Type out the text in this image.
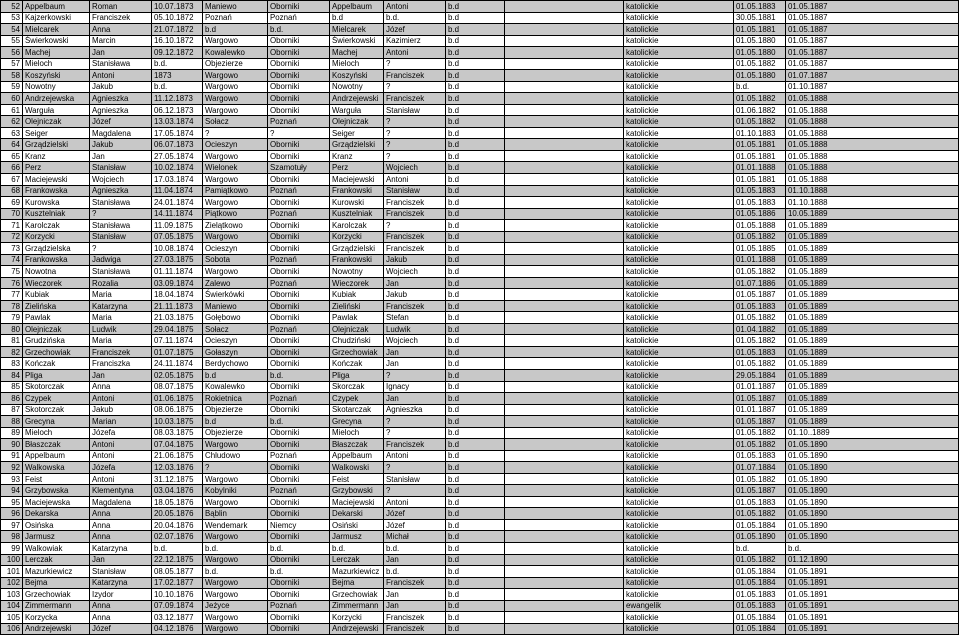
52	Appelbaum	Roman	10.07.1873	Maniewo	Oborniki	Appelbaum	Antoni	b.d		katolickie	01.05.1883	01.05.1887
53	Kajzerkowski	Franciszek	05.10.1872	Poznań	Poznań	b.d	b.d.	b.d		katolickie	30.05.1881	01.05.1887
54	Mielcarek	Anna	21.07.1872	b.d	b.d.	Mielcarek	Józef	b.d		katolickie	01.05.1881	01.05.1887
55	Świerkowski	Marcin	16.10.1872	Wargowo	Oborniki	Świerkowski	Kazimierz	b.d		katolickie	01.05.1880	01.05.1887
56	Machej	Jan	09.12.1872	Kowalewko	Oborniki	Machej	Antoni	b.d		katolickie	01.05.1880	01.05.1887
57	Mieloch	Stanisława	b.d.	Objezierze	Oborniki	Mieloch	?	b.d		katolickie	01.05.1882	01.05.1887
58	Koszyński	Antoni	1873	Wargowo	Oborniki	Koszyński	Franciszek	b.d		katolickie	01.05.1880	01.07.1887
59	Nowotny	Jakub	b.d.	Wargowo	Oborniki	Nowotny	?	b.d		katolickie	b.d.	01.10.1887
60	Andrzejewska	Agnieszka	11.12.1873	Wargowo	Oborniki	Andrzejewski	Franciszek	b.d		katolickie	01.05.1882	01.05.1888
61	Warguła	Agnieszka	06.12.1873	Wargowo	Oborniki	Warguła	Stanisław	b.d		katolickie	01.06.1882	01.05.1888
62	Olejniczak	Józef	13.03.1874	Sołacz	Poznań	Olejniczak	?	b.d		katolickie	01.05.1882	01.05.1888
63	Seiger	Magdalena	17.05.1874	?	?	Seiger	?	b.d		katolickie	01.10.1883	01.05.1888
64	Grządzielski	Jakub	06.07.1873	Ocieszyn	Oborniki	Grządzielski	?	b.d		katolickie	01.05.1881	01.05.1888
65	Kranz	Jan	27.05.1874	Wargowo	Oborniki	Kranz	?	b.d		katolickie	01.05.1881	01.05.1888
66	Perz	Stanisław	10.02.1874	Wielonek	Szamotuły	Perz	Wojciech	b.d		katolickie	01.01.1888	01.05.1888
67	Maciejewski	Wojciech	17.03.1874	Wargowo	Oborniki	Maciejewski	Antoni	b.d		katolickie	01.05.1881	01.05.1888
68	Frankowska	Agnieszka	11.04.1874	Pamiątkowo	Poznań	Frankowski	Stanisław	b.d		katolickie	01.05.1883	01.10.1888
69	Kurowska	Stanisława	24.01.1874	Wargowo	Oborniki	Kurowski	Franciszek	b.d		katolickie	01.05.1883	01.10.1888
70	Kusztelniak	?	14.11.1874	Piątkowo	Poznań	Kusztelniak	Franciszek	b.d		katolickie	01.05.1886	10.05.1889
71	Karolczak	Stanisława	11.09.1875	Zielątkowo	Oborniki	Karolczak	?	b.d		katolickie	01.05.1888	01.05.1889
72	Korzycki	Stanisław	07.05.1875	Wargowo	Oborniki	Korzycki	Franciszek	b.d		katolickie	01.05.1882	01.05.1889
73	Grządzielska	?	10.08.1874	Ocieszyn	Oborniki	Grządzielski	Franciszek	b.d		katolickie	01.05.1885	01.05.1889
74	Frankowska	Jadwiga	27.03.1875	Sobota	Poznań	Frankowski	Jakub	b.d		katolickie	01.01.1888	01.05.1889
75	Nowotna	Stanisława	01.11.1874	Wargowo	Oborniki	Nowotny	Wojciech	b.d		katolickie	01.05.1882	01.05.1889
76	Wieczorek	Rozalia	03.09.1874	Zalewo	Poznań	Wieczorek	Jan	b.d		katolickie	01.07.1886	01.05.1889
77	Kubiak	Maria	18.04.1874	Świerkówki	Oborniki	Kubiak	Jakub	b.d		katolickie	01.05.1887	01.05.1889
78	Zielińska	Katarzyna	21.11.1873	Maniewo	Oborniki	Zieliński	Franciszek	b.d		katolickie	01.05.1883	01.05.1889
79	Pawlak	Maria	21.03.1875	Gołębowo	Oborniki	Pawlak	Stefan	b.d		katolickie	01.05.1882	01.05.1889
80	Olejniczak	Ludwik	29.04.1875	Sołacz	Poznań	Olejniczak	Ludwik	b.d		katolickie	01.04.1882	01.05.1889
81	Grudzińska	Maria	07.11.1874	Ocieszyn	Oborniki	Chudziński	Wojciech	b.d		katolickie	01.05.1882	01.05.1889
82	Grzechowiak	Franciszek	01.07.1875	Gołaszyn	Oborniki	Grzechowiak	Jan	b.d		katolickie	01.05.1883	01.05.1889
83	Kończak	Franciszka	24.11.1874	Berdychowo	Oborniki	Kończak	Jan	b.d		katolickie	01.05.1882	01.05.1889
84	Pliga	Jan	02.05.1875	b.d	b.d.	Pliga	?	b.d		katolickie	29.05.1884	01.05.1889
85	Skotorczak	Anna	08.07.1875	Kowalewko	Oborniki	Skorczak	Ignacy	b.d		katolickie	01.01.1887	01.05.1889
86	Czypek	Antoni	01.06.1875	Rokietnica	Poznań	Czypek	Jan	b.d		katolickie	01.05.1887	01.05.1889
87	Skotorczak	Jakub	08.06.1875	Objezierze	Oborniki	Skotarczak	Agnieszka	b.d		katolickie	01.01.1887	01.05.1889
88	Grecyna	Marian	10.03.1875	b.d	b.d.	Grecyna	?	b.d		katolickie	01.05.1887	01.05.1889
89	Mieloch	Józefa	08.03.1875	Objezierze	Oborniki	Mieloch	?	b.d		katolickie	01.05.1882	01.10..1889
90	Błaszczak	Antoni	07.04.1875	Wargowo	Oborniki	Błaszczak	Franciszek	b.d		katolickie	01.05.1882	01.05.1890
91	Appelbaum	Antoni	21.06.1875	Chludowo	Poznań	Appelbaum	Antoni	b.d		katolickie	01.05.1883	01.05.1890
92	Walkowska	Józefa	12.03.1876	?	Oborniki	Walkowski	?	b.d		katolickie	01.07.1884	01.05.1890
93	Feist	Antoni	31.12.1875	Wargowo	Oborniki	Feist	Stanisław	b.d		katolickie	01.05.1882	01.05.1890
94	Grzybowska	Klementyna	03.04.1876	Kobylniki	Poznań	Grzybowski	?	b.d		katolickie	01.05.1887	01.05.1890
95	Maciejewska	Magdalena	18.05.1876	Wargowo	Oborniki	Maciejewski	Antoni	b.d		katolickie	01.05.1883	01.05.1890
96	Dekarska	Anna	20.05.1876	Bąblin	Oborniki	Dekarski	Józef	b.d		katolickie	01.05.1882	01.05.1890
97	Osińska	Anna	20.04.1876	Wendemark	Niemcy	Osiński	Józef	b.d		katolickie	01.05.1884	01.05.1890
98	Jarmusz	Anna	02.07.1876	Wargowo	Oborniki	Jarmusz	Michał	b.d		katolickie	01.05.1890	01.05.1890
99	Walkowiak	Katarzyna	b.d.	b.d.	b.d.	b.d.	b.d.	b.d		katolickie	b.d.	b.d.
100	Lerczak	Jan	22.12.1875	Wargowo	Oborniki	Lerczak	Jan	b.d		katolickie	01.05.1882	01.12.1890
101	Mazurkiewicz	Stanisław	08.05.1877	b.d.	b.d.	Mazurkiewicz	b.d.	b.d		katolickie	01.05.1884	01.05.1891
102	Bejma	Katarzyna	17.02.1877	Wargowo	Oborniki	Bejma	Franciszek	b.d		katolickie	01.05.1884	01.05.1891
103	Grzechowiak	Izydor	10.10.1876	Wargowo	Oborniki	Grzechowiak	Jan	b.d		katolickie	01.05.1883	01.05.1891
104	Zimmermann	Anna	07.09.1874	Jeżyce	Poznań	Zimmermann	Jan	b.d		ewangelik	01.05.1883	01.05.1891
105	Korzycka	Anna	03.12.1877	Wargowo	Oborniki	Korzycki	Franciszek	b.d		katolickie	01.05.1884	01.05.1891
106	Andrzejewski	Józef	04.12.1876	Wargowo	Oborniki	Andrzejewski	Franciszek	b.d		katolickie	01.05.1884	01.05.1891
